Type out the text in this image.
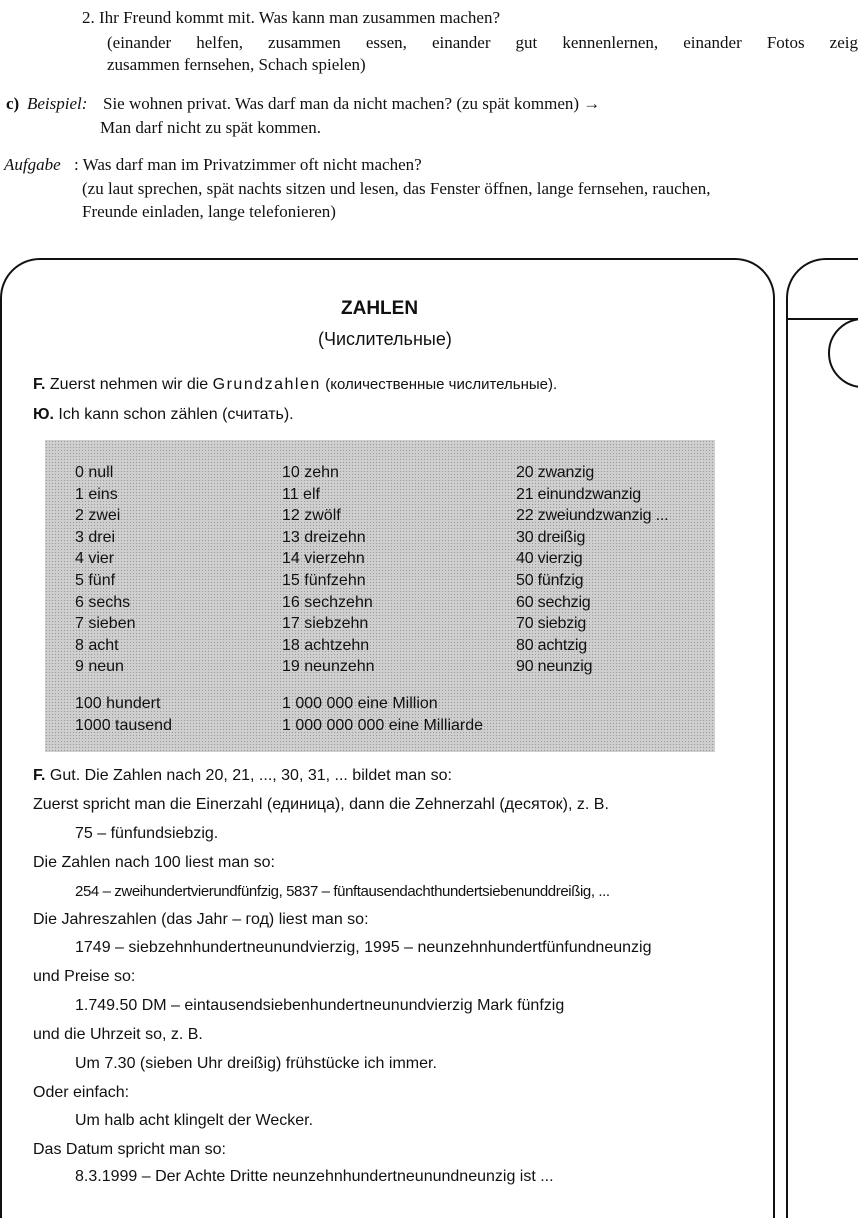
2. Ihr Freund kommt mit. Was kann man zusammen machen?
(einander helfen, zusammen essen, einander gut kennenlernen, einander Fotos zeig
zusammen fernsehen, Schach spielen)
c) Beispiel: Sie wohnen privat. Was darf man da nicht machen? (zu spät kommen) →
Man darf nicht zu spät kommen.
Aufgabe : Was darf man im Privatzimmer oft nicht machen?
(zu laut sprechen, spät nachts sitzen und lesen, das Fenster öffnen, lange fernsehen, rauchen,
Freunde einladen, lange telefonieren)
ZAHLEN
(Числительные)
F. Zuerst nehmen wir die Grundzahlen (количественные числительные).
Ю. Ich kann schon zählen (считать).
0 null
1 eins
2 zwei
3 drei
4 vier
5 fünf
6 sechs
7 sieben
8 acht
9 neun
10 zehn
11 elf
12 zwölf
13 dreizehn
14 vierzehn
15 fünfzehn
16 sechzehn
17 siebzehn
18 achtzehn
19 neunzehn
20 zwanzig
21 einundzwanzig
22 zweiundzwanzig ...
30 dreißig
40 vierzig
50 fünfzig
60 sechzig
70 siebzig
80 achtzig
90 neunzig
100 hundert
1000 tausend
1 000 000 eine Million
1 000 000 000 eine Milliarde
F. Gut. Die Zahlen nach 20, 21, ..., 30, 31, ... bildet man so:
Zuerst spricht man die Einerzahl (единица), dann die Zehnerzahl (десяток), z. B.
75 – fünfundsiebzig.
Die Zahlen nach 100 liest man so:
254 – zweihundertvierundfünfzig, 5837 – fünftausendachthundertsiebenunddreißig, ...
Die Jahreszahlen (das Jahr – год) liest man so:
1749 – siebzehnhundertneunundvierzig, 1995 – neunzehnhundertfünfundneunzig
und Preise so:
1.749.50 DM – eintausendsiebenhundertneunundvierzig Mark fünfzig
und die Uhrzeit so, z. B.
Um 7.30 (sieben Uhr dreißig) frühstücke ich immer.
Oder einfach:
Um halb acht klingelt der Wecker.
Das Datum spricht man so:
8.3.1999 – Der Achte Dritte neunzehnhundertneunundneunzig ist ...
